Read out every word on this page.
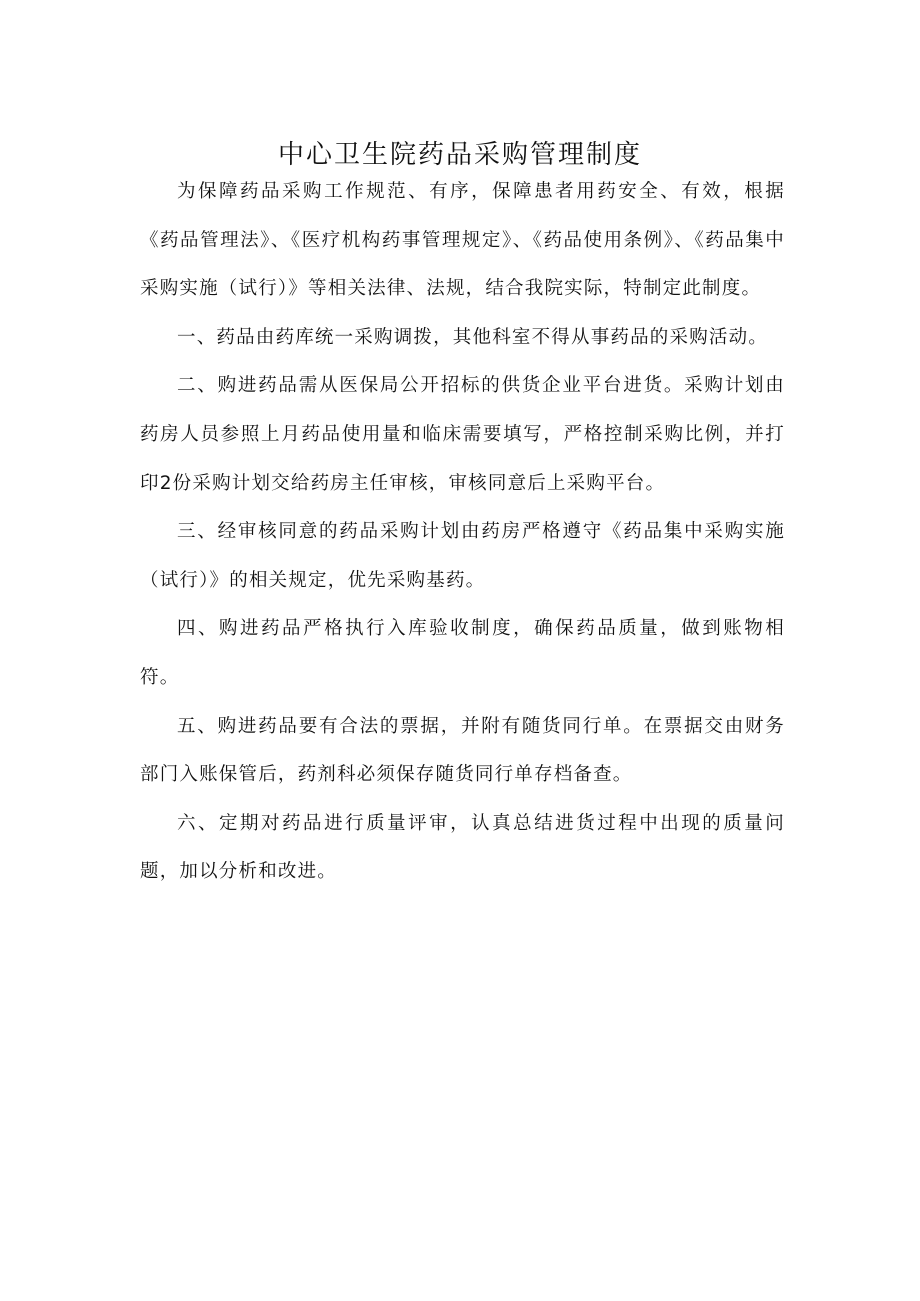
中心卫生院药品采购管理制度

为保障药品采购工作规范、有序，保障患者用药安全、有效，根据《药品管理法》、《医疗机构药事管理规定》、《药品使用条例》、《药品集中采购实施（试行）》等相关法律、法规，结合我院实际，特制定此制度。

一、药品由药库统一采购调拨，其他科室不得从事药品的采购活动。

二、购进药品需从医保局公开招标的供货企业平台进货。采购计划由药房人员参照上月药品使用量和临床需要填写，严格控制采购比例，并打印2份采购计划交给药房主任审核，审核同意后上采购平台。

三、经审核同意的药品采购计划由药房严格遵守《药品集中采购实施（试行）》的相关规定，优先采购基药。

四、购进药品严格执行入库验收制度，确保药品质量，做到账物相符。

五、购进药品要有合法的票据，并附有随货同行单。在票据交由财务部门入账保管后，药剂科必须保存随货同行单存档备查。

六、定期对药品进行质量评审，认真总结进货过程中出现的质量问题，加以分析和改进。
